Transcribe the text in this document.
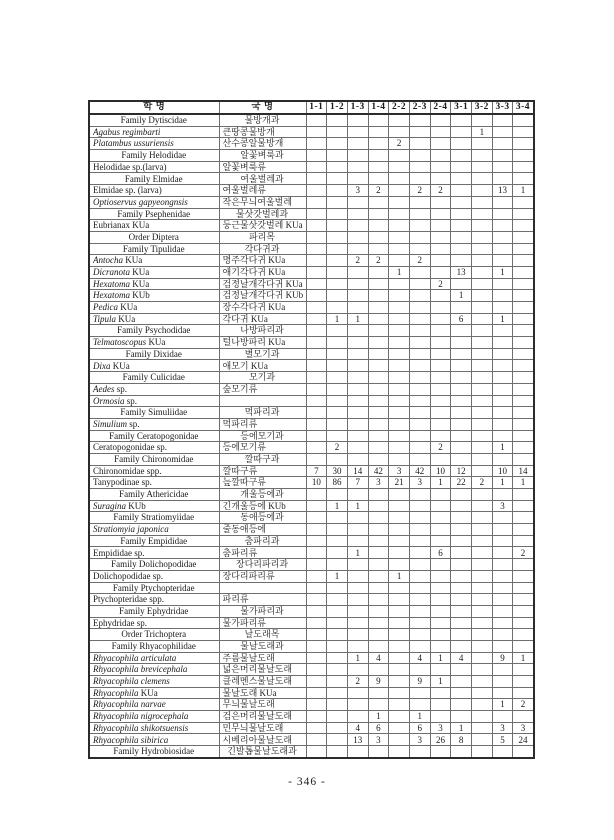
학 명	국 명	1-1	1-2	1-3	1-4	2-2	2-3	2-4	3-1	3-2	3-3	3-4
Family Dytiscidae	물방개과											
Agabus regimbarti	큰땅콩물방개									1		
Platambus ussuriensis	산수콩알물방개					2						
Family Helodidae	알꽃벼룩과											
Helodidae sp.(larva)	알꽃벼룩류											
Family Elmidae	여울벌레과											
Elmidae sp. (larva)	여울벌레류			3	2		2	2			13	1
Optioservus gapyeongnsis	작은무늬여울벌레											
Family Psephenidae	물삿갓벌레과											
Eubrianax KUa	둥근물삿갓벌레 KUa											
Order Diptera	파리목											
Family Tipulidae	각다귀과											
Antocha KUa	명주각다귀 KUa			2	2		2					
Dicranota KUa	애기각다귀 KUa					1			13		1	
Hexatoma KUa	검정날개각다귀 KUa							2				
Hexatoma KUb	검정날개각다귀 KUb								1			
Pedica KUa	장수각다귀 KUa											
Tipula KUa	각다귀 KUa		1	1					6		1	
Family Psychodidae	나방파리과											
Telmatoscopus KUa	털나방파리 KUa											
Family Dixidae	별모기과											
Dixa KUa	애모기 KUa											
Family Culicidae	모기과											
Aedes sp.	숲모기류											
Ormosia sp.												
Family Simuliidae	먹파리과											
Simulium sp.	먹파리류											
Family Ceratopogonidae	등에모기과											
Ceratopogonidae sp.	등에모기류		2					2			1	
Family Chironomidae	깔따구과											
Chironomidae spp.	깔따구류	7	30	14	42	3	42	10	12		10	14
Tanypodinae sp.	늪깔따구류	10	86	7	3	21	3	1	22	2	1	1
Family Athericidae	개울등에과											
Suragina KUb	긴개울등에 KUb		1	1							3	
Family Stratiomyiidae	동애등에과											
Stratiomyia japonica	줄동애등에											
Family Empididae	춤파리과											
Empididae sp.	춤파리류			1				6				2
Family Dolichopodidae	장다리파리과											
Dolichopodidae sp.	장다리파리류		1			1						
Family Ptychopteridae												
Ptychopteridae spp.	파리류											
Family Ephydridae	물가파리과											
Ephydridae sp.	물가파리류											
Order Trichoptera	날도래목											
Family Rhyacophilidae	물날도래과											
Rhyacophila articulata	주름물날도래			1	4		4	1	4		9	1
Rhyacophila brevicephala	넓은머리물날도래											
Rhyacophila clemens	클레멘스물날도래			2	9		9	1				
Rhyacophila KUa	물날도래 KUa											
Rhyacophila narvae	무늬물날도래										1	2
Rhyacophila nigrocephala	검은머리물날도래				1		1					
Rhyacophila shikotsuensis	민무늬물날도래			4	6		6	3	1		3	3
Rhyacophila sibirica	시베리아물날도래			13	3		3	26	8		5	24
Family Hydrobiosidae	긴발톱물날도래과											
- 346 -
